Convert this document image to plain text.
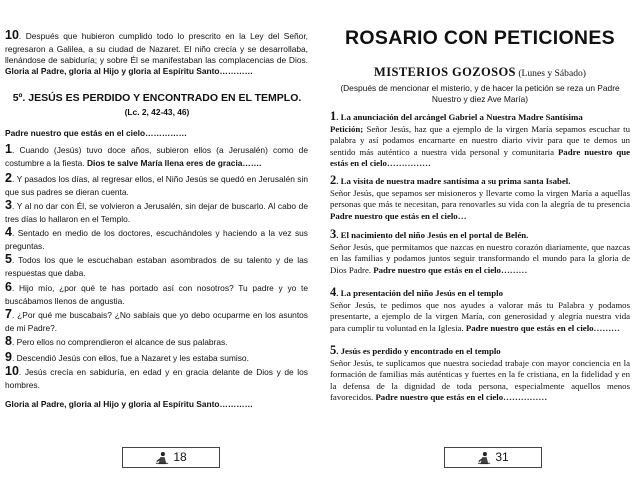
10. Después que hubieron cumplido todo lo prescrito en la Ley del Señor, regresaron a Galilea, a su ciudad de Nazaret. El niño crecía y se desarrollaba, llenándose de sabiduría; y sobre Él se manifestaban las complacencias de Dios. Gloria al Padre, gloria al Hijo y gloria al Espíritu Santo…………

5º. JESÚS ES PERDIDO Y ENCONTRADO EN EL TEMPLO.
(Lc. 2, 42-43, 46)

Padre nuestro que estás en el cielo……………

1. Cuando (Jesús) tuvo doce años, subieron ellos (a Jerusalén) como de costumbre a la fiesta. Dios te salve María llena eres de gracia…….

2. Y pasados los días, al regresar ellos, el Niño Jesús se quedó en Jerusalén sin que sus padres se dieran cuenta.

3. Y al no dar con Él, se volvieron a Jerusalén, sin dejar de buscarlo. Al cabo de tres días lo hallaron en el Templo.

4. Sentado en medio de los doctores, escuchándoles y haciendo a la vez sus preguntas.

5. Todos los que le escuchaban estaban asombrados de su talento y de las respuestas que daba.

6. Hijo mío, ¿por qué te has portado así con nosotros? Tu padre y yo te buscábamos llenos de angustia.

7. ¿Por qué me buscabais? ¿No sabíais que yo debo ocuparme en los asuntos de mi Padre?.

8. Pero ellos no comprendieron el alcance de sus palabras.

9. Descendió Jesús con ellos, fue a Nazaret y les estaba sumiso.

10. Jesús crecía en sabiduría, en edad y en gracia delante de Dios y de los hombres.

Gloria al Padre, gloria al Hijo y gloria al Espíritu Santo…………

18
ROSARIO CON PETICIONES
MISTERIOS GOZOSOS (Lunes y Sábado)
(Después de mencionar el misterio, y de hacer la petición se reza un Padre Nuestro y diez Ave María)

1. La anunciación del arcángel Gabriel a Nuestra Madre Santísima
Petición; Señor Jesús, haz que a ejemplo de la virgen María sepamos escuchar tu palabra y así podamos encarnarte en nuestro diario vivir para que te demos un sentido más auténtico a nuestra vida personal y comunitaria Padre nuestro que estás en el cielo……………

2. La visita de nuestra madre santísima a su prima santa Isabel.
Señor Jesús, que sepamos ser misioneros y llevarte como la virgen María a aquellas personas que más te necesitan, para renovarles su vida con la alegría de tu presencia Padre nuestro que estás en el cielo…

3. El nacimiento del niño Jesús en el portal de Belén.
Señor Jesús, que permitamos que nazcas en nuestro corazón diariamente, que nazcas en las familias y podamos juntos seguir transformando el mundo para la gloria de Dios Padre. Padre nuestro que estás en el cielo………

4. La presentación del niño Jesús en el templo
Señor Jesús, te pedimos que nos ayudes a valorar más tu Palabra y podamos presentarte, a ejemplo de la virgen María, con generosidad y alegría nuestra vida para cumplir tu voluntad en la Iglesia. Padre nuestro que estás en el cielo………

5. Jesús es perdido y encontrado en el templo
Señor Jesús, te suplicamos que nuestra sociedad trabaje con mayor conciencia en la formación de familias más auténticas y fuertes en la fe cristiana, en la fidelidad y en la defensa de la dignidad de toda persona, especialmente aquellos menos favorecidos. Padre nuestro que estás en el cielo……………

31
